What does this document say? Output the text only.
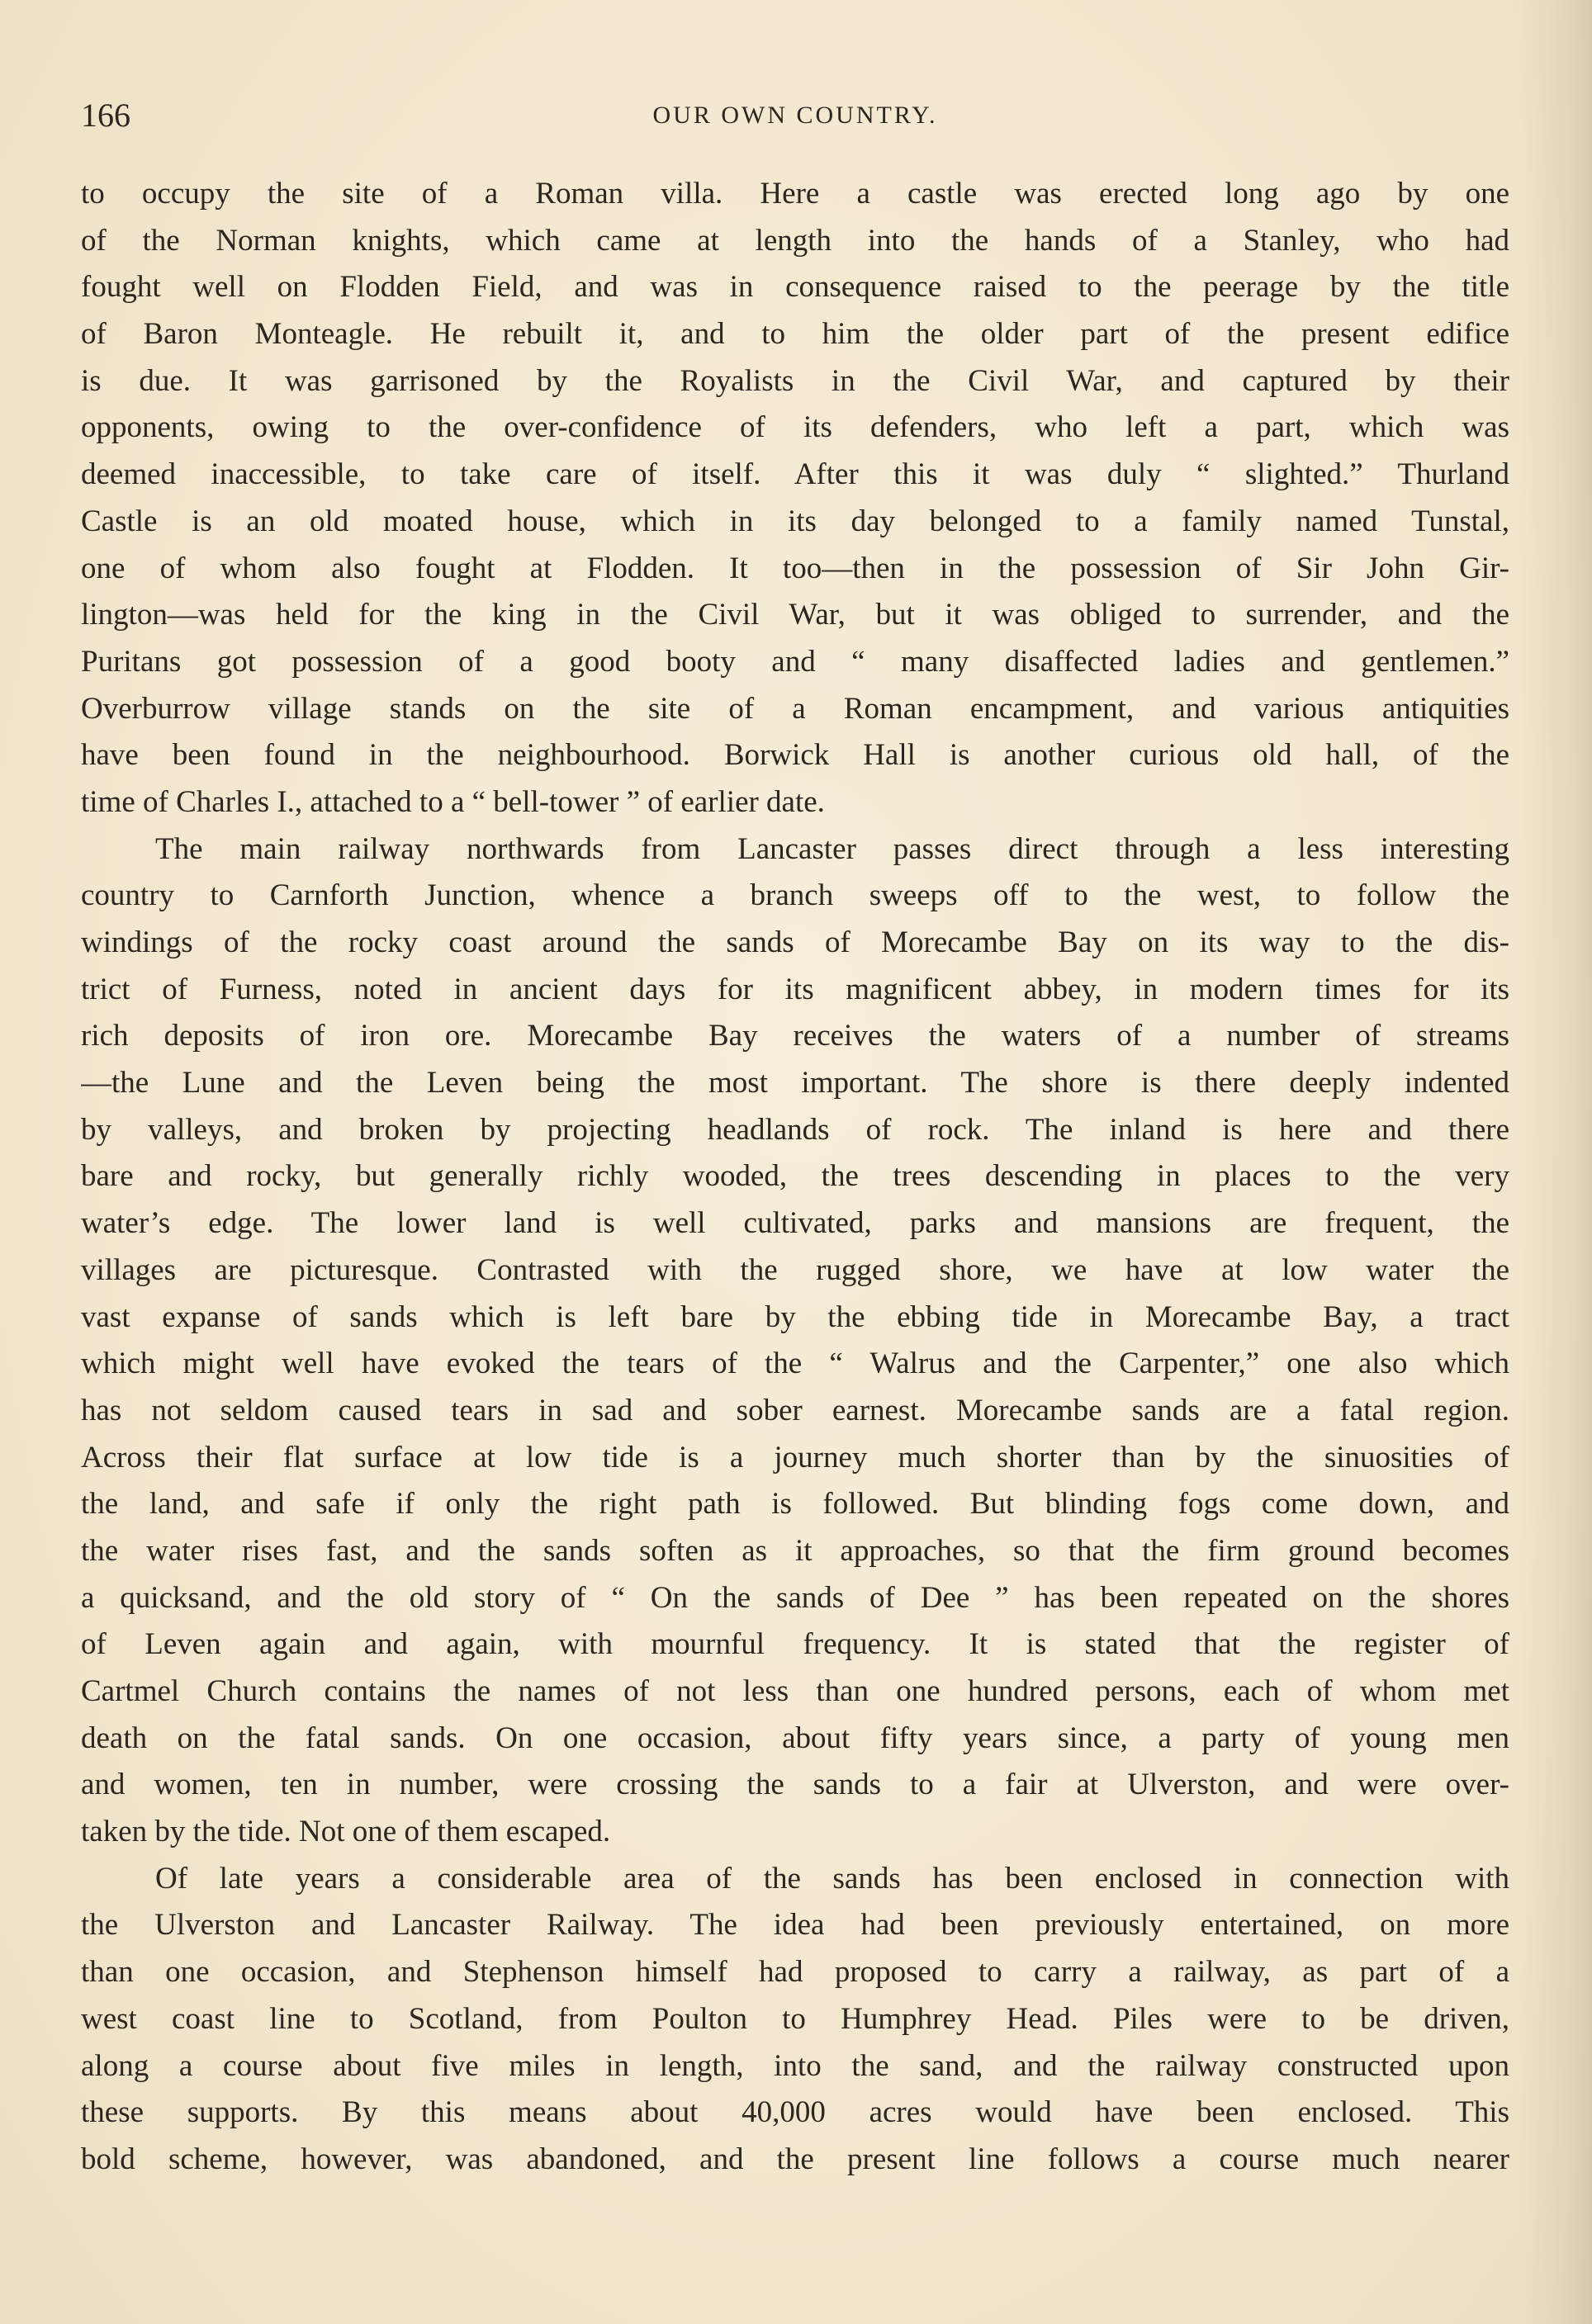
166	OUR OWN COUNTRY.
to occupy the site of a Roman villa. Here a castle was erected long ago by one
of the Norman knights, which came at length into the hands of a Stanley, who had
fought well on Flodden Field, and was in consequence raised to the peerage by the title
of Baron Monteagle. He rebuilt it, and to him the older part of the present edifice
is due. It was garrisoned by the Royalists in the Civil War, and captured by their
opponents, owing to the over-confidence of its defenders, who left a part, which was
deemed inaccessible, to take care of itself. After this it was duly “ slighted.” Thurland
Castle is an old moated house, which in its day belonged to a family named Tunstal,
one of whom also fought at Flodden. It too—then in the possession of Sir John Gir-
lington—was held for the king in the Civil War, but it was obliged to surrender, and the
Puritans got possession of a good booty and “ many disaffected ladies and gentlemen.”
Overburrow village stands on the site of a Roman encampment, and various antiquities
have been found in the neighbourhood. Borwick Hall is another curious old hall, of the
time of Charles I., attached to a “ bell-tower ” of earlier date.
The main railway northwards from Lancaster passes direct through a less interesting
country to Carnforth Junction, whence a branch sweeps off to the west, to follow the
windings of the rocky coast around the sands of Morecambe Bay on its way to the dis-
trict of Furness, noted in ancient days for its magnificent abbey, in modern times for its
rich deposits of iron ore. Morecambe Bay receives the waters of a number of streams
—the Lune and the Leven being the most important. The shore is there deeply indented
by valleys, and broken by projecting headlands of rock. The inland is here and there
bare and rocky, but generally richly wooded, the trees descending in places to the very
water’s edge. The lower land is well cultivated, parks and mansions are frequent, the
villages are picturesque. Contrasted with the rugged shore, we have at low water the
vast expanse of sands which is left bare by the ebbing tide in Morecambe Bay, a tract
which might well have evoked the tears of the “ Walrus and the Carpenter,” one also which
has not seldom caused tears in sad and sober earnest. Morecambe sands are a fatal region.
Across their flat surface at low tide is a journey much shorter than by the sinuosities of
the land, and safe if only the right path is followed. But blinding fogs come down, and
the water rises fast, and the sands soften as it approaches, so that the firm ground becomes
a quicksand, and the old story of “ On the sands of Dee ” has been repeated on the shores
of Leven again and again, with mournful frequency. It is stated that the register of
Cartmel Church contains the names of not less than one hundred persons, each of whom met
death on the fatal sands. On one occasion, about fifty years since, a party of young men
and women, ten in number, were crossing the sands to a fair at Ulverston, and were over-
taken by the tide. Not one of them escaped.
Of late years a considerable area of the sands has been enclosed in connection with
the Ulverston and Lancaster Railway. The idea had been previously entertained, on more
than one occasion, and Stephenson himself had proposed to carry a railway, as part of a
west coast line to Scotland, from Poulton to Humphrey Head. Piles were to be driven,
along a course about five miles in length, into the sand, and the railway constructed upon
these supports. By this means about 40,000 acres would have been enclosed. This
bold scheme, however, was abandoned, and the present line follows a course much nearer
